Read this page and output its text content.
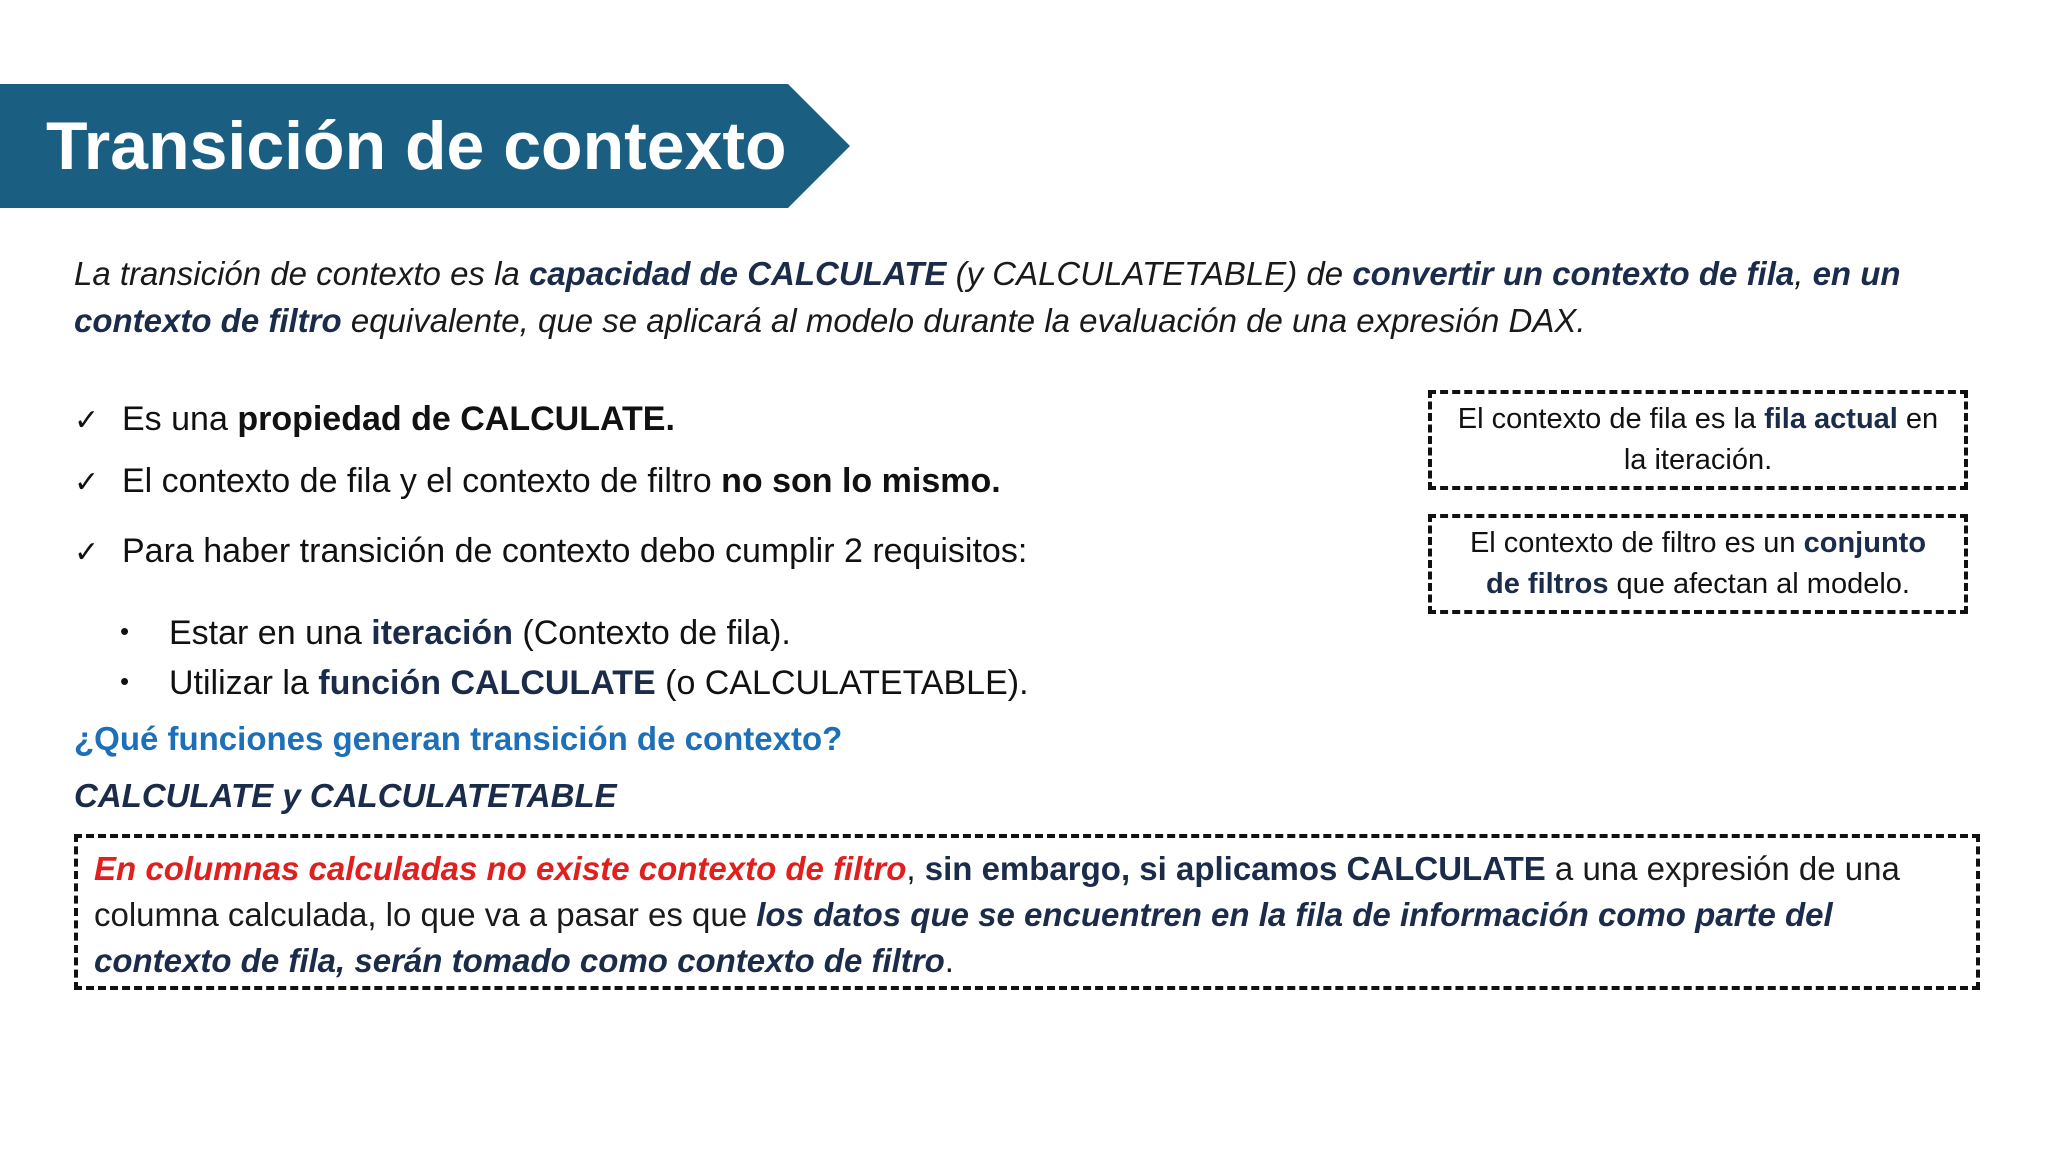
Transición de contexto
La transición de contexto es la capacidad de CALCULATE (y CALCULATETABLE) de convertir un contexto de fila, en un contexto de filtro equivalente, que se aplicará al modelo durante la evaluación de una expresión DAX.
✓ Es una propiedad de CALCULATE.
✓ El contexto de fila y el contexto de filtro no son lo mismo.
✓ Para haber transición de contexto debo cumplir 2 requisitos:
• Estar en una iteración (Contexto de fila).
• Utilizar la función CALCULATE (o CALCULATETABLE).
¿Qué funciones generan transición de contexto?
CALCULATE y CALCULATETABLE
El contexto de fila es la fila actual en la iteración.
El contexto de filtro es un conjunto de filtros que afectan al modelo.
En columnas calculadas no existe contexto de filtro, sin embargo, si aplicamos CALCULATE a una expresión de una columna calculada, lo que va a pasar es que los datos que se encuentren en la fila de información como parte del contexto de fila, serán tomado como contexto de filtro.
